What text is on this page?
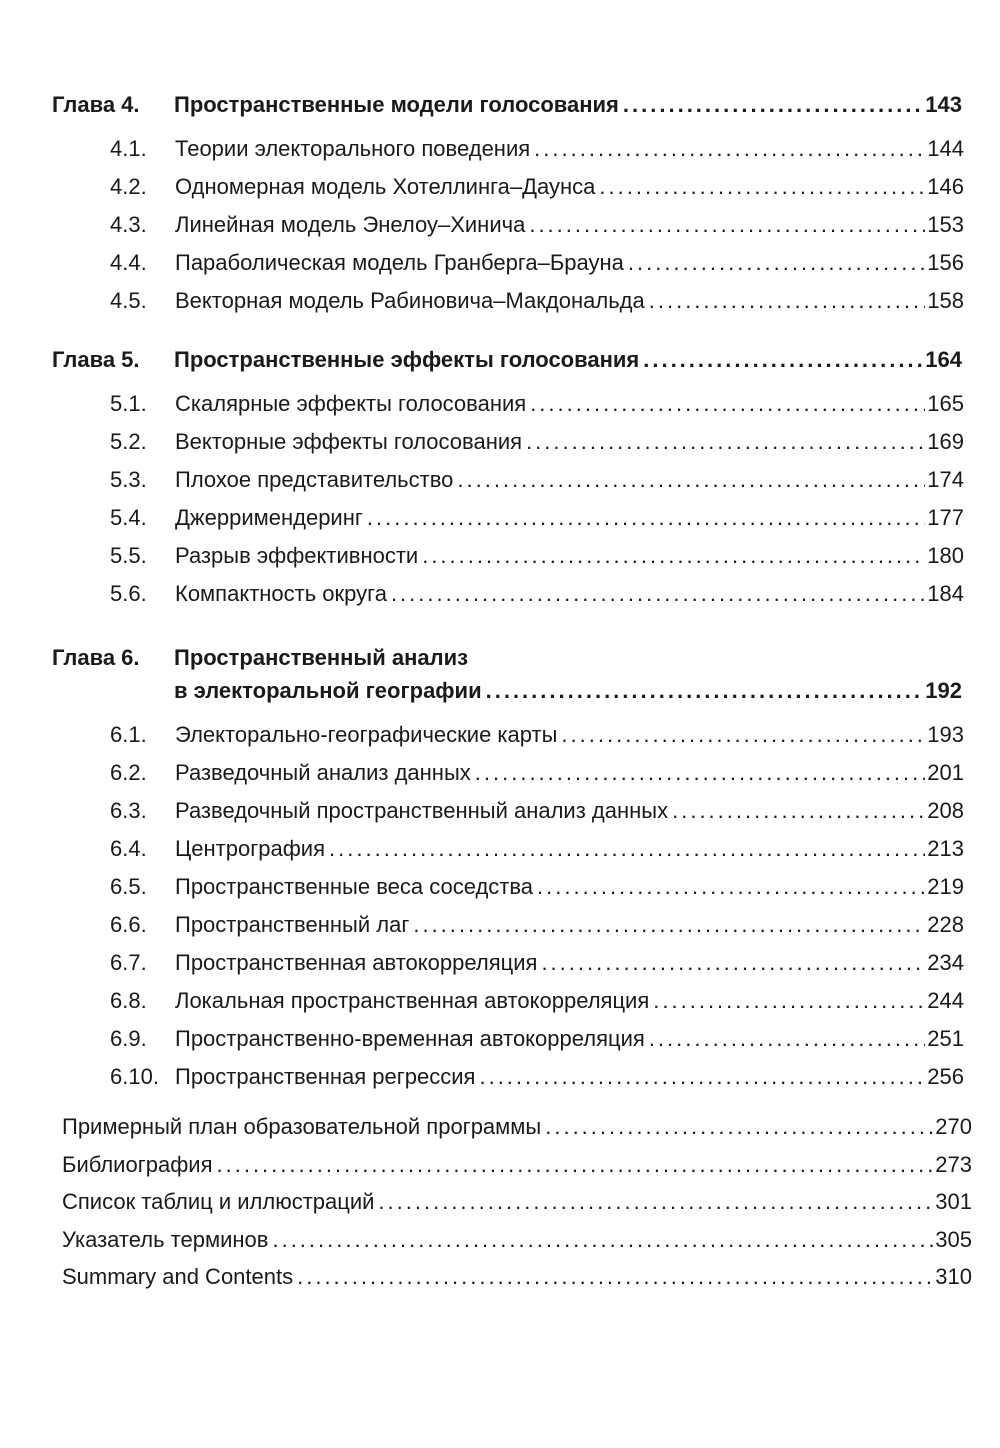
Глава 4.	Пространственные модели голосования .....	143
4.1.	Теории электорального поведения .....	144
4.2.	Одномерная модель Хотеллинга–Даунса .....	146
4.3.	Линейная модель Энелоу–Хинича .....	153
4.4.	Параболическая модель Гранберга–Брауна .....	156
4.5.	Векторная модель Рабиновича–Макдональда .....	158
Глава 5.	Пространственные эффекты голосования .....	164
5.1.	Скалярные эффекты голосования .....	165
5.2.	Векторные эффекты голосования .....	169
5.3.	Плохое представительство .....	174
5.4.	Джерримендеринг .....	177
5.5.	Разрыв эффективности .....	180
5.6.	Компактность округа .....	184
Глава 6.	Пространственный анализ
в электоральной географии .....	192
6.1.	Электорально-географические карты .....	193
6.2.	Разведочный анализ данных .....	201
6.3.	Разведочный пространственный анализ данных .....	208
6.4.	Центрография .....	213
6.5.	Пространственные веса соседства .....	219
6.6.	Пространственный лаг .....	228
6.7.	Пространственная автокорреляция .....	234
6.8.	Локальная пространственная автокорреляция .....	244
6.9.	Пространственно-временная автокорреляция .....	251
6.10. Пространственная регрессия .....	256
Примерный план образовательной программы .....	270
Библиография .....	273
Список таблиц и иллюстраций .....	301
Указатель терминов .....	305
Summary and Contents .....	310
